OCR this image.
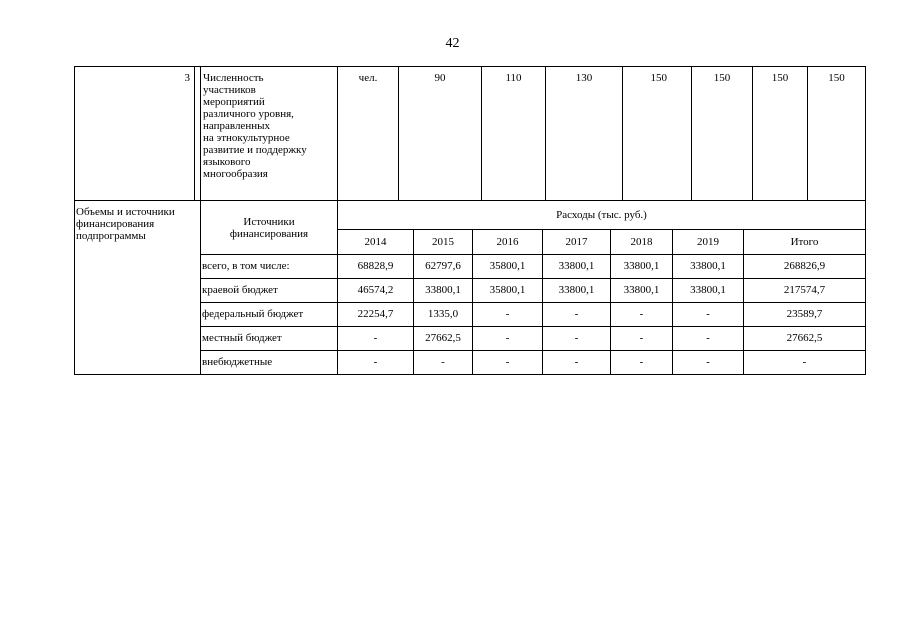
42
3 Численность
участников
мероприятий
различного уровня,
направленных
на этнокультурное
развитие и поддержку
языкового
многообразия
чел.	90	110	130	150	150	150	150
Объемы и источники
финансирования
подпрограммы
Источники
финансирования
Расходы (тыс. руб.)
2014	2015	2016	2017	2018	2019	Итого
всего, в том числе:	68828,9	62797,6	35800,1	33800,1	33800,1	33800,1	268826,9
краевой бюджет	46574,2	33800,1	35800,1	33800,1	33800,1	33800,1	217574,7
федеральный бюджет	22254,7	1335,0	-	-	-	-	23589,7
местный бюджет	-	27662,5	-	-	-	-	27662,5
внебюджетные	-	-	-	-	-	-	-
